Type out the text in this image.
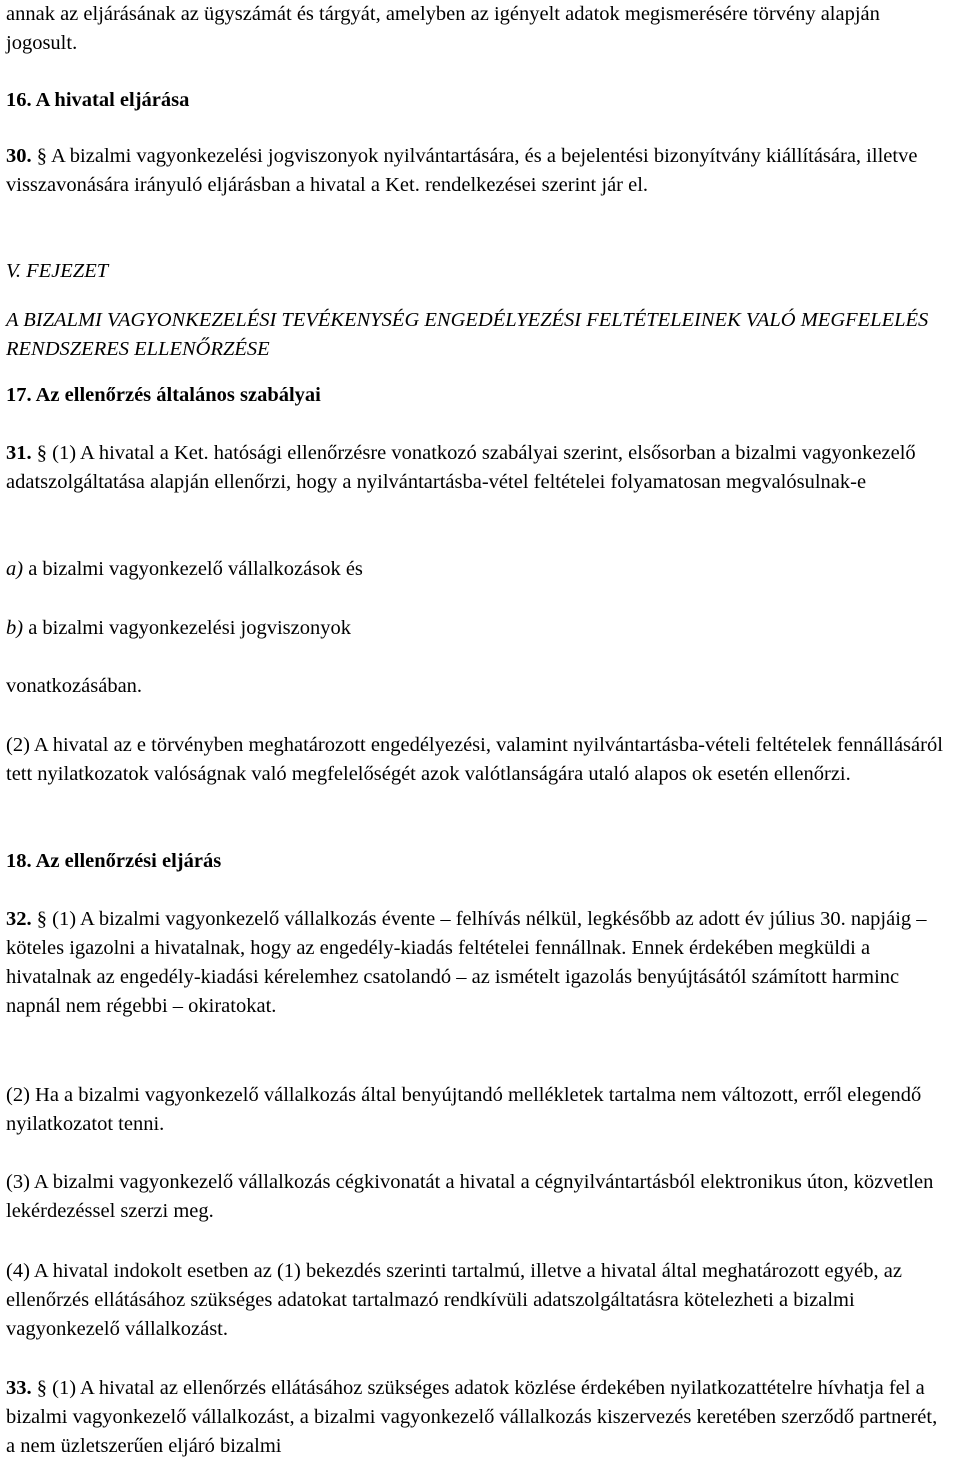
annak az eljárásának az ügyszámát és tárgyát, amelyben az igényelt adatok megismerésére törvény alapján jogosult.

16. A hivatal eljárása

30. § A bizalmi vagyonkezelési jogviszonyok nyilvántartására, és a bejelentési bizonyítvány kiállítására, illetve visszavonására irányuló eljárásban a hivatal a Ket. rendelkezései szerint jár el.

V. FEJEZET

A BIZALMI VAGYONKEZELÉSI TEVÉKENYSÉG ENGEDÉLYEZÉSI FELTÉTELEINEK VALÓ MEGFELELÉS RENDSZERES ELLENŐRZÉSE

17. Az ellenőrzés általános szabályai

31. § (1) A hivatal a Ket. hatósági ellenőrzésre vonatkozó szabályai szerint, elsősorban a bizalmi vagyonkezelő adatszolgáltatása alapján ellenőrzi, hogy a nyilvántartásba-vétel feltételei folyamatosan megvalósulnak-e

a) a bizalmi vagyonkezelő vállalkozások és

b) a bizalmi vagyonkezelési jogviszonyok

vonatkozásában.

(2) A hivatal az e törvényben meghatározott engedélyezési, valamint nyilvántartásba-vételi feltételek fennállásáról tett nyilatkozatok valóságnak való megfelelőségét azok valótlanságára utaló alapos ok esetén ellenőrzi.

18. Az ellenőrzési eljárás

32. § (1) A bizalmi vagyonkezelő vállalkozás évente – felhívás nélkül, legkésőbb az adott év július 30. napjáig – köteles igazolni a hivatalnak, hogy az engedély-kiadás feltételei fennállnak. Ennek érdekében megküldi a hivatalnak az engedély-kiadási kérelemhez csatolandó – az ismételt igazolás benyújtásától számított harminc napnál nem régebbi – okiratokat.

(2) Ha a bizalmi vagyonkezelő vállalkozás által benyújtandó mellékletek tartalma nem változott, erről elegendő nyilatkozatot tenni.

(3) A bizalmi vagyonkezelő vállalkozás cégkivonatát a hivatal a cégnyilvántartásból elektronikus úton, közvetlen lekérdezéssel szerzi meg.

(4) A hivatal indokolt esetben az (1) bekezdés szerinti tartalmú, illetve a hivatal által meghatározott egyéb, az ellenőrzés ellátásához szükséges adatokat tartalmazó rendkívüli adatszolgáltatásra kötelezheti a bizalmi vagyonkezelő vállalkozást.

33. § (1) A hivatal az ellenőrzés ellátásához szükséges adatok közlése érdekében nyilatkozattételre hívhatja fel a bizalmi vagyonkezelő vállalkozást, a bizalmi vagyonkezelő vállalkozás kiszervezés keretében szerződő partnerét, a nem üzletszerűen eljáró bizalmi
